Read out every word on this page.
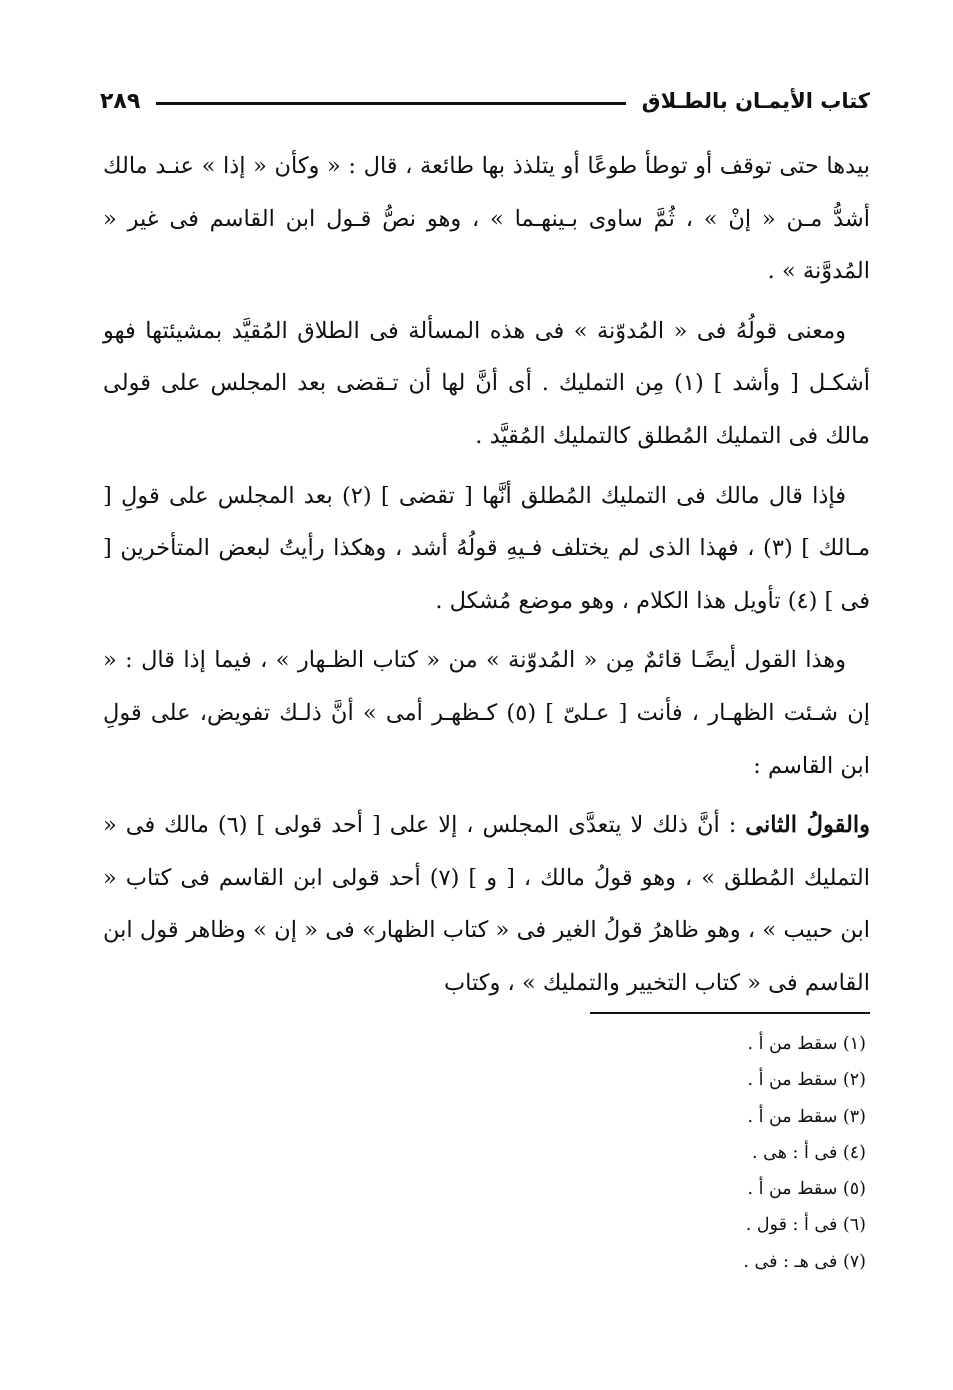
كتاب الأيمـان بالطـلاق
٢٨٩

بيدها حتى توقف أو توطأ طوعًا أو يتلذذ بها طائعة ، قال : « وكأن « إذا » عنـد مالك أشدُّ مـن « إنْ » ، ثُمَّ ساوى بـينهـما » ، وهو نصُّ قـول ابن القاسم فى غير « المُدوَّنة » .

ومعنى قولُهُ فى « المُدوّنة » فى هذه المسألة فى الطلاق المُقيَّد بمشيئتها فهو أشكـل [ وأشد ] (١) مِن التمليك . أى أنَّ لها أن تـقضى بعد المجلس على قولى مالك فى التمليك المُطلق كالتمليك المُقيَّد .

فإذا قال مالك فى التمليك المُطلق أنَّها [ تقضى ] (٢) بعد المجلس على قولِ [ مـالك ] (٣) ، فهذا الذى لم يختلف فـيهِ قولُهُ أشد ، وهكذا رأيتُ لبعض المتأخرين [ فى ] (٤) تأويل هذا الكلام ، وهو موضع مُشكل .

وهذا القول أيضًـا قائمٌ مِن « المُدوّنة » من « كتاب الظـهار » ، فيما إذا قال : « إن شـئت الظهـار ، فأنت [ عـلىّ ] (٥) كـظهـر أمى » أنَّ ذلـك تفويض، على قولِ ابن القاسم :

والقولُ الثانى : أنَّ ذلك لا يتعدَّى المجلس ، إلا على [ أحد قولى ] (٦) مالك فى « التمليك المُطلق » ، وهو قولُ مالك ، [ و ] (٧) أحد قولى ابن القاسم فى كتاب « ابن حبيب » ، وهو ظاهرُ قولُ الغير فى « كتاب الظهار» فى « إن » وظاهر قول ابن القاسم فى « كتاب التخيير والتمليك » ، وكتاب

(١) سقط من أ .
(٢) سقط من أ .
(٣) سقط من أ .
(٤) فى أ : هى .
(٥) سقط من أ .
(٦) فى أ : قول .
(٧) فى هـ : فى .
